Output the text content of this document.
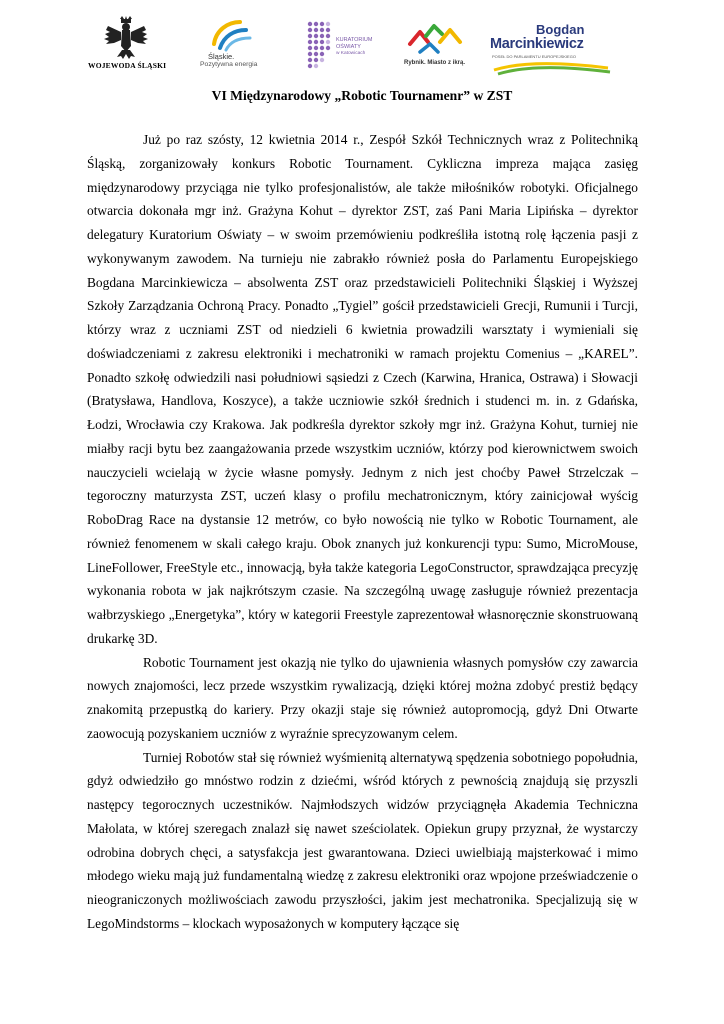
WOJEWODA ŚLĄSKI
Śląskie.
Pozytywna energia
KURATORIUM
OŚWIATY
w Katowicach
Rybnik. Miasto z ikrą.
Bogdan
Marcinkiewicz
POSEŁ DO PARLAMENTU EUROPEJSKIEGO
VI Międzynarodowy „Robotic Tournamenr” w ZST

Już po raz szósty, 12 kwietnia 2014 r., Zespół Szkół Technicznych wraz z Politechniką Śląską, zorganizowały konkurs Robotic Tournament. Cykliczna impreza mająca zasięg międzynarodowy przyciąga nie tylko profesjonalistów, ale także miłośników robotyki. Oficjalnego otwarcia dokonała mgr inż. Grażyna Kohut – dyrektor ZST, zaś Pani Maria Lipińska – dyrektor delegatury Kuratorium Oświaty – w swoim przemówieniu podkreśliła istotną rolę łączenia pasji z wykonywanym zawodem. Na turnieju nie zabrakło również posła do Parlamentu Europejskiego Bogdana Marcinkiewicza – absolwenta ZST oraz przedstawicieli Politechniki Śląskiej i Wyższej Szkoły Zarządzania Ochroną Pracy. Ponadto „Tygiel” gościł przedstawicieli Grecji, Rumunii i Turcji, którzy wraz z uczniami ZST od niedzieli 6 kwietnia prowadzili warsztaty i wymieniali się doświadczeniami z zakresu elektroniki i mechatroniki w ramach projektu Comenius – „KAREL”. Ponadto szkołę odwiedzili nasi południowi sąsiedzi z Czech (Karwina, Hranica, Ostrawa) i Słowacji (Bratysława, Handlova, Koszyce), a także uczniowie szkół średnich i studenci m. in. z Gdańska, Łodzi, Wrocławia czy Krakowa. Jak podkreśla dyrektor szkoły mgr inż. Grażyna Kohut, turniej nie miałby racji bytu bez zaangażowania przede wszystkim uczniów, którzy pod kierownictwem swoich nauczycieli wcielają w życie własne pomysły. Jednym z nich jest choćby Paweł Strzelczak – tegoroczny maturzysta ZST, uczeń klasy o profilu mechatronicznym, który zainicjował wyścig RoboDrag Race na dystansie 12 metrów, co było nowością nie tylko w Robotic Tournament, ale również fenomenem w skali całego kraju. Obok znanych już konkurencji typu: Sumo, MicroMouse, LineFollower, FreeStyle etc., innowacją, była także kategoria LegoConstructor, sprawdzająca precyzję wykonania robota w jak najkrótszym czasie. Na szczególną uwagę zasługuje również prezentacja wałbrzyskiego „Energetyka”, który w kategorii Freestyle zaprezentował własnoręcznie skonstruowaną drukarkę 3D.

Robotic Tournament jest okazją nie tylko do ujawnienia własnych pomysłów czy zawarcia nowych znajomości, lecz przede wszystkim rywalizacją, dzięki której można zdobyć prestiż będący znakomitą przepustką do kariery. Przy okazji staje się również autopromocją, gdyż Dni Otwarte zaowocują pozyskaniem uczniów z wyraźnie sprecyzowanym celem.

Turniej Robotów stał się również wyśmienitą alternatywą spędzenia sobotniego popołudnia, gdyż odwiedziło go mnóstwo rodzin z dziećmi, wśród których z pewnością znajdują się przyszli następcy tegorocznych uczestników. Najmłodszych widzów przyciągnęła Akademia Techniczna Małolata, w której szeregach znalazł się nawet sześciolatek. Opiekun grupy przyznał, że wystarczy odrobina dobrych chęci, a satysfakcja jest gwarantowana. Dzieci uwielbiają majsterkować i mimo młodego wieku mają już fundamentalną wiedzę z zakresu elektroniki oraz wpojone przeświadczenie o nieograniczonych możliwościach zawodu przyszłości, jakim jest mechatronika. Specjalizują się w LegoMindstorms – klockach wyposażonych w komputery łączące się
